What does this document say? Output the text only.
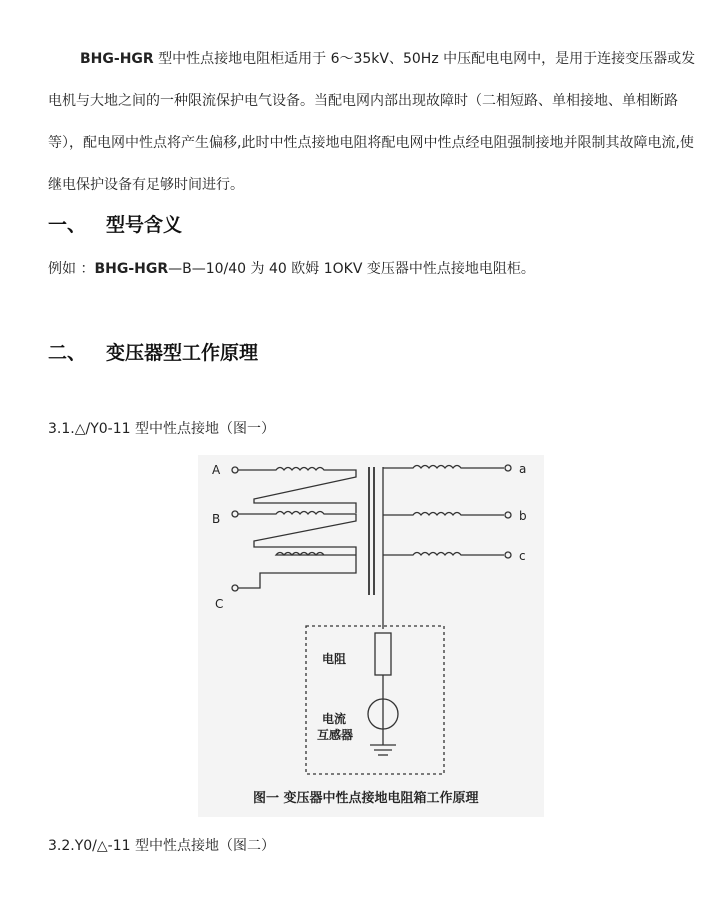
BHG-HGR 型中性点接地电阻柜适用于 6～35kV、50Hz 中压配电电网中，是用于连接变压器或发电机与大地之间的一种限流保护电气设备。当配电网内部出现故障时（二相短路、单相接地、单相断路等），配电网中性点将产生偏移,此时中性点接地电阻将配电网中性点经电阻强制接地并限制其故障电流,使继电保护设备有足够时间进行。

一、 型号含义
例如 ：BHG-HGR—B—10/40 为 40 欧姆 1OKV 变压器中性点接地电阻柜。
二、 变压器型工作原理
3.1.△/Y0-11 型中性点接地（图一）
A
B
C
a
b
c
电阻
电流
互感器
图一 变压器中性点接地电阻箱工作原理
3.2.Y0/△-11 型中性点接地（图二）
